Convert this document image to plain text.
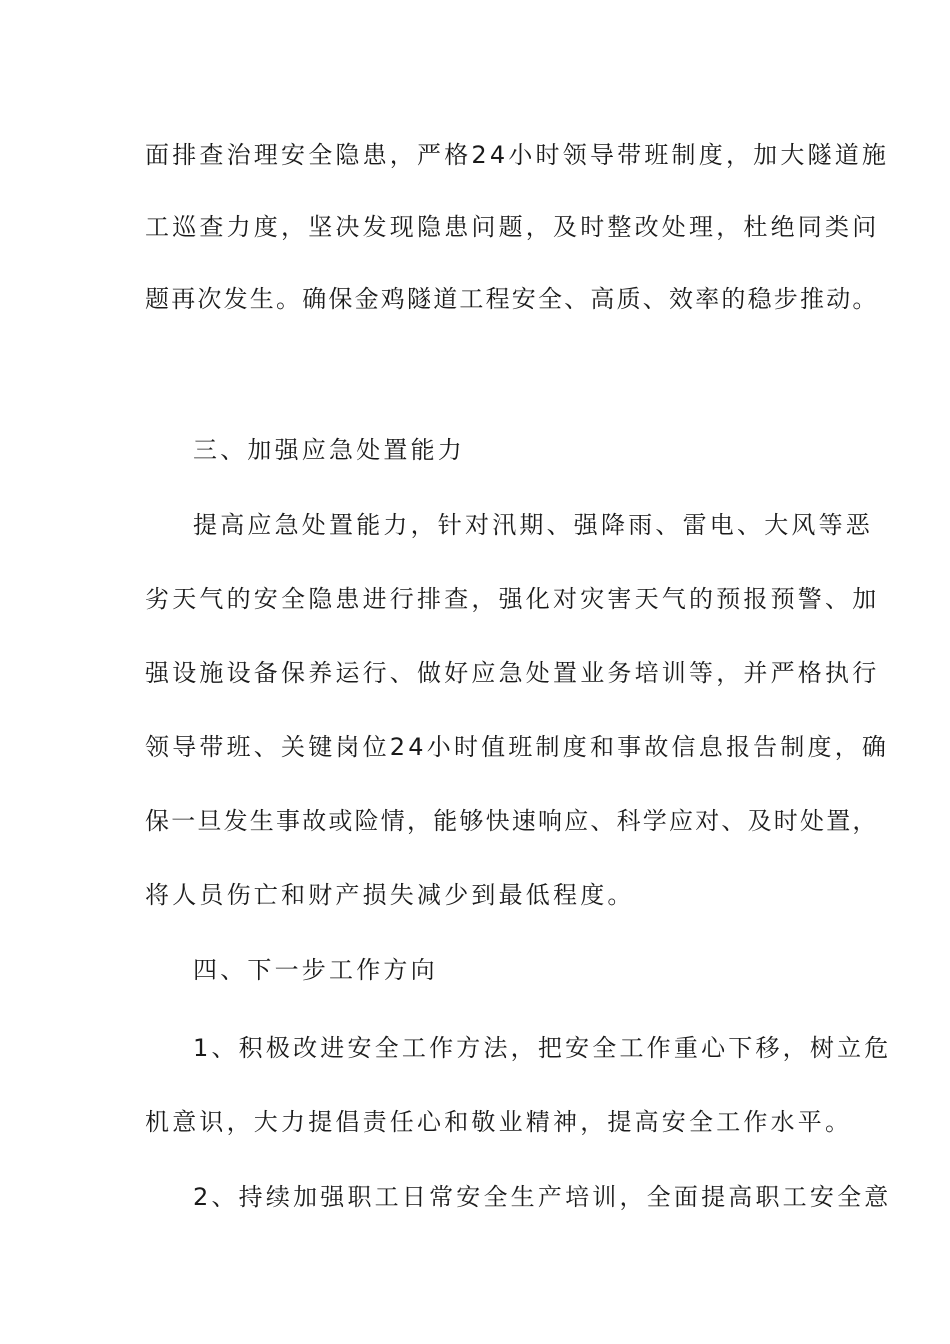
面排查治理安全隐患，严格24小时领导带班制度，加大隧道施
工巡查力度，坚决发现隐患问题，及时整改处理，杜绝同类问
题再次发生。确保金鸡隧道工程安全、高质、效率的稳步推动。
三、加强应急处置能力
提高应急处置能力，针对汛期、强降雨、雷电、大风等恶
劣天气的安全隐患进行排查，强化对灾害天气的预报预警、加
强设施设备保养运行、做好应急处置业务培训等，并严格执行
领导带班、关键岗位24小时值班制度和事故信息报告制度，确
保一旦发生事故或险情，能够快速响应、科学应对、及时处置，
将人员伤亡和财产损失减少到最低程度。
四、下一步工作方向
1、积极改进安全工作方法，把安全工作重心下移，树立危
机意识，大力提倡责任心和敬业精神，提高安全工作水平。
2、持续加强职工日常安全生产培训，全面提高职工安全意
